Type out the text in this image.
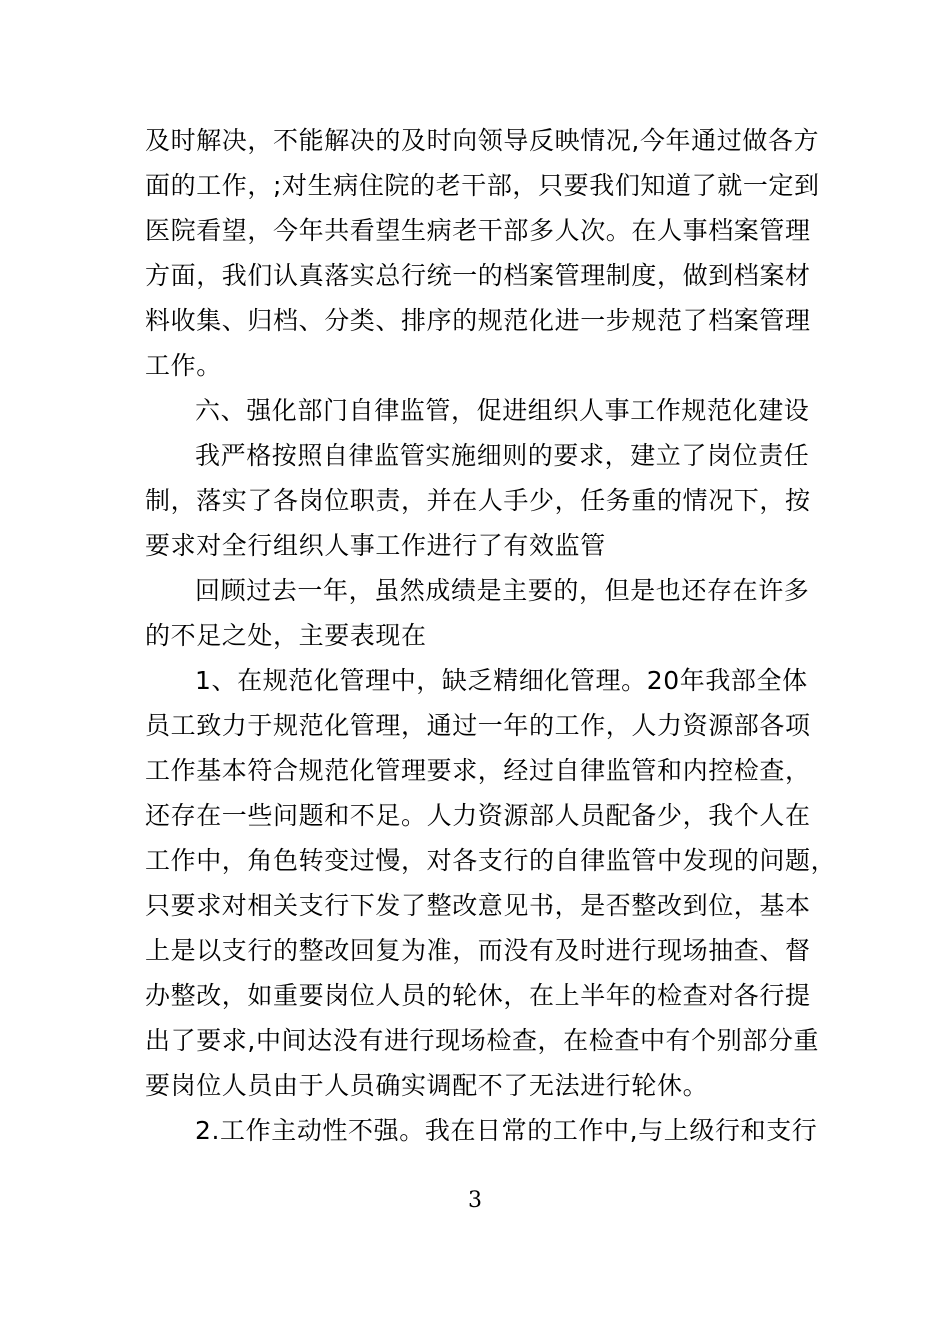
及时解决，不能解决的及时向领导反映情况,今年通过做各方
面的工作，;对生病住院的老干部，只要我们知道了就一定到
医院看望，今年共看望生病老干部多人次。在人事档案管理
方面，我们认真落实总行统一的档案管理制度，做到档案材
料收集、归档、分类、排序的规范化进一步规范了档案管理
工作。
六、强化部门自律监管，促进组织人事工作规范化建设
我严格按照自律监管实施细则的要求，建立了岗位责任
制，落实了各岗位职责，并在人手少，任务重的情况下，按
要求对全行组织人事工作进行了有效监管
回顾过去一年，虽然成绩是主要的，但是也还存在许多
的不足之处，主要表现在
1、在规范化管理中，缺乏精细化管理。20年我部全体
员工致力于规范化管理，通过一年的工作，人力资源部各项
工作基本符合规范化管理要求，经过自律监管和内控检查，
还存在一些问题和不足。人力资源部人员配备少，我个人在
工作中，角色转变过慢，对各支行的自律监管中发现的问题，
只要求对相关支行下发了整改意见书，是否整改到位，基本
上是以支行的整改回复为准，而没有及时进行现场抽查、督
办整改，如重要岗位人员的轮休，在上半年的检查对各行提
出了要求,中间达没有进行现场检查，在检查中有个别部分重
要岗位人员由于人员确实调配不了无法进行轮休。
2.工作主动性不强。我在日常的工作中,与上级行和支行
3
